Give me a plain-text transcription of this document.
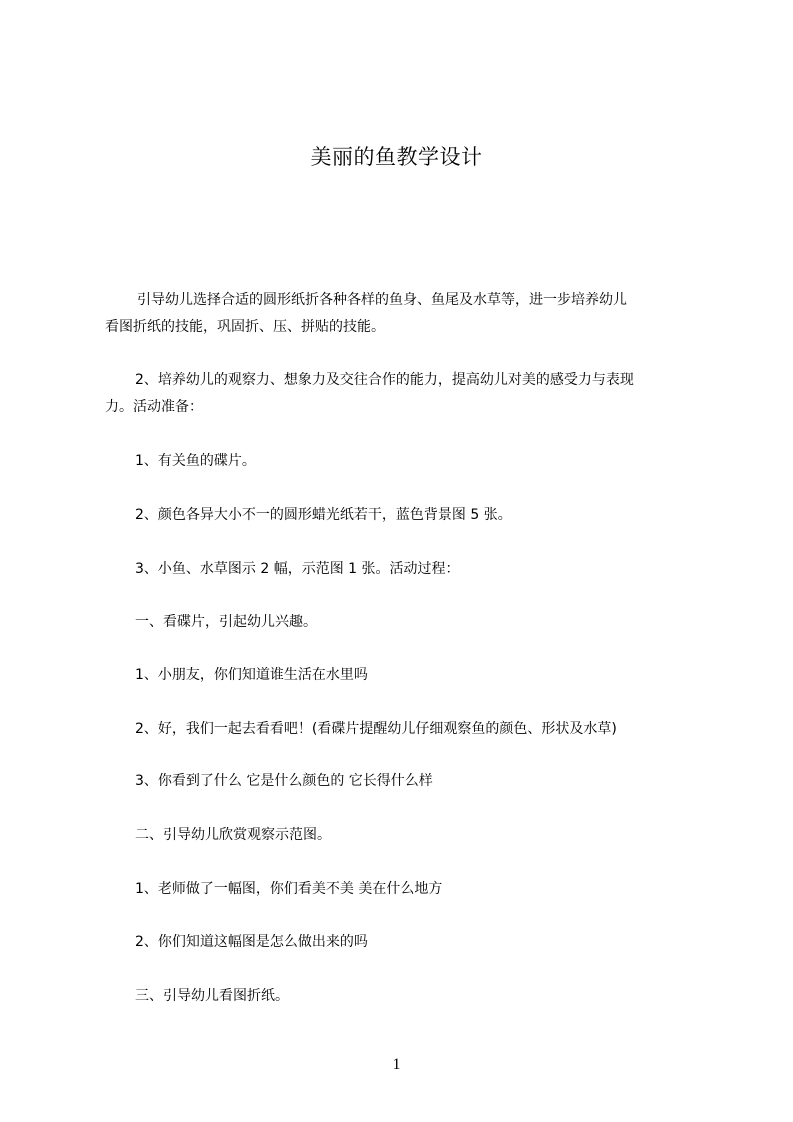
美丽的鱼教学设计
引导幼儿选择合适的圆形纸折各种各样的鱼身、鱼尾及水草等，进一步培养幼儿
看图折纸的技能，巩固折、压、拼贴的技能。
2、培养幼儿的观察力、想象力及交往合作的能力，提高幼儿对美的感受力与表现
力。活动准备：
1、有关鱼的碟片。
2、颜色各异大小不一的圆形蜡光纸若干，蓝色背景图 5 张。
3、小鱼、水草图示 2 幅，示范图 1 张。活动过程：
一、看碟片，引起幼儿兴趣。
1、小朋友，你们知道谁生活在水里吗
2、好，我们一起去看看吧！(看碟片提醒幼儿仔细观察鱼的颜色、形状及水草)
3、你看到了什么 它是什么颜色的 它长得什么样
二、引导幼儿欣赏观察示范图。
1、老师做了一幅图，你们看美不美 美在什么地方
2、你们知道这幅图是怎么做出来的吗
三、引导幼儿看图折纸。
1
